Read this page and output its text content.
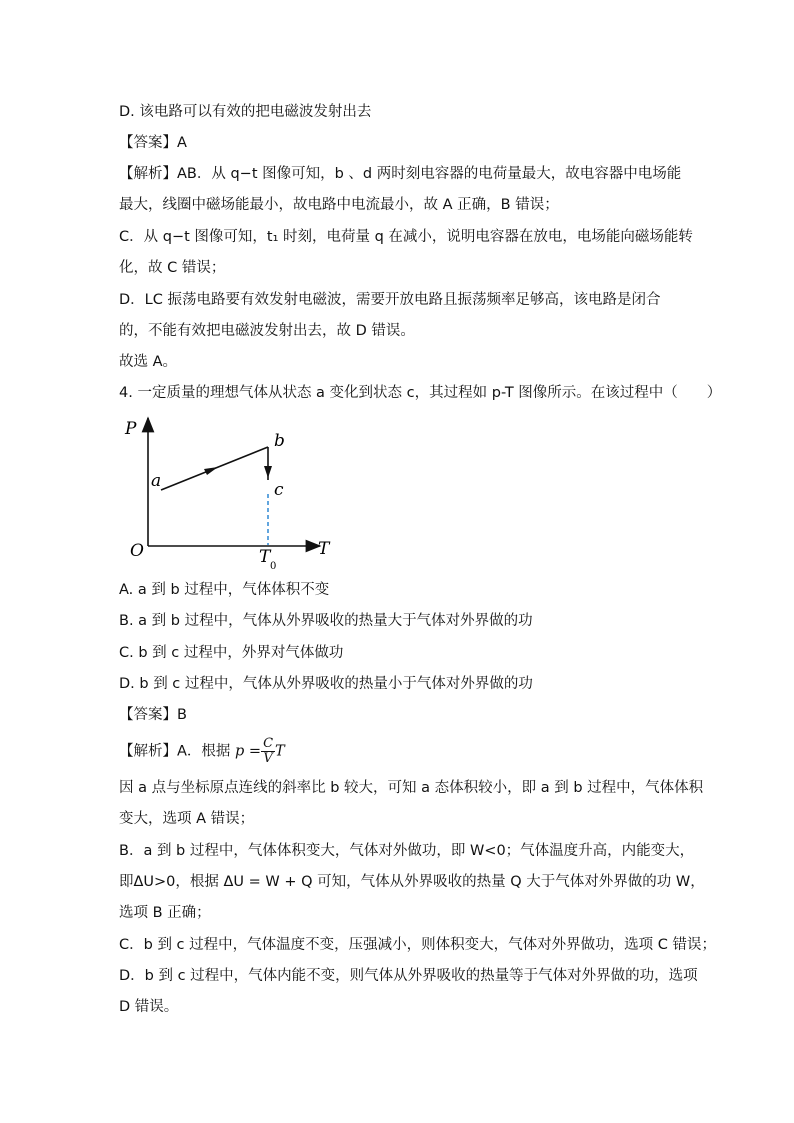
D. 该电路可以有效的把电磁波发射出去
【答案】A
【解析】AB．从 q−t 图像可知，b 、d 两时刻电容器的电荷量最大，故电容器中电场能
最大，线圈中磁场能最小，故电路中电流最小，故 A 正确，B 错误；
C．从 q−t 图像可知，t₁ 时刻，电荷量 q 在减小，说明电容器在放电，电场能向磁场能转
化，故 C 错误；
D．LC 振荡电路要有效发射电磁波，需要开放电路且振荡频率足够高，该电路是闭合
的，不能有效把电磁波发射出去，故 D 错误。
故选 A。
4. 一定质量的理想气体从状态 a 变化到状态 c，其过程如 p-T 图像所示。在该过程中（　　）
P
T
O	T 0
a
b
c
A. a 到 b 过程中，气体体积不变
B. a 到 b 过程中，气体从外界吸收的热量大于气体对外界做的功
C. b 到 c 过程中，外界对气体做功
D. b 到 c 过程中，气体从外界吸收的热量小于气体对外界做的功
【答案】B
【解析】A．根据 $p = \frac{C}{V}$ T
因 a 点与坐标原点连线的斜率比 b 较大，可知 a 态体积较小，即 a 到 b 过程中，气体体积
变大，选项 A 错误；
B．a 到 b 过程中，气体体积变大，气体对外做功，即 W<0；气体温度升高，内能变大，
即ΔU>0，根据 ΔU = W + Q 可知，气体从外界吸收的热量 Q 大于气体对外界做的功 W，
选项 B 正确；
C．b 到 c 过程中，气体温度不变，压强减小，则体积变大，气体对外界做功，选项 C 错误；
D．b 到 c 过程中，气体内能不变，则气体从外界吸收的热量等于气体对外界做的功，选项
D 错误。
